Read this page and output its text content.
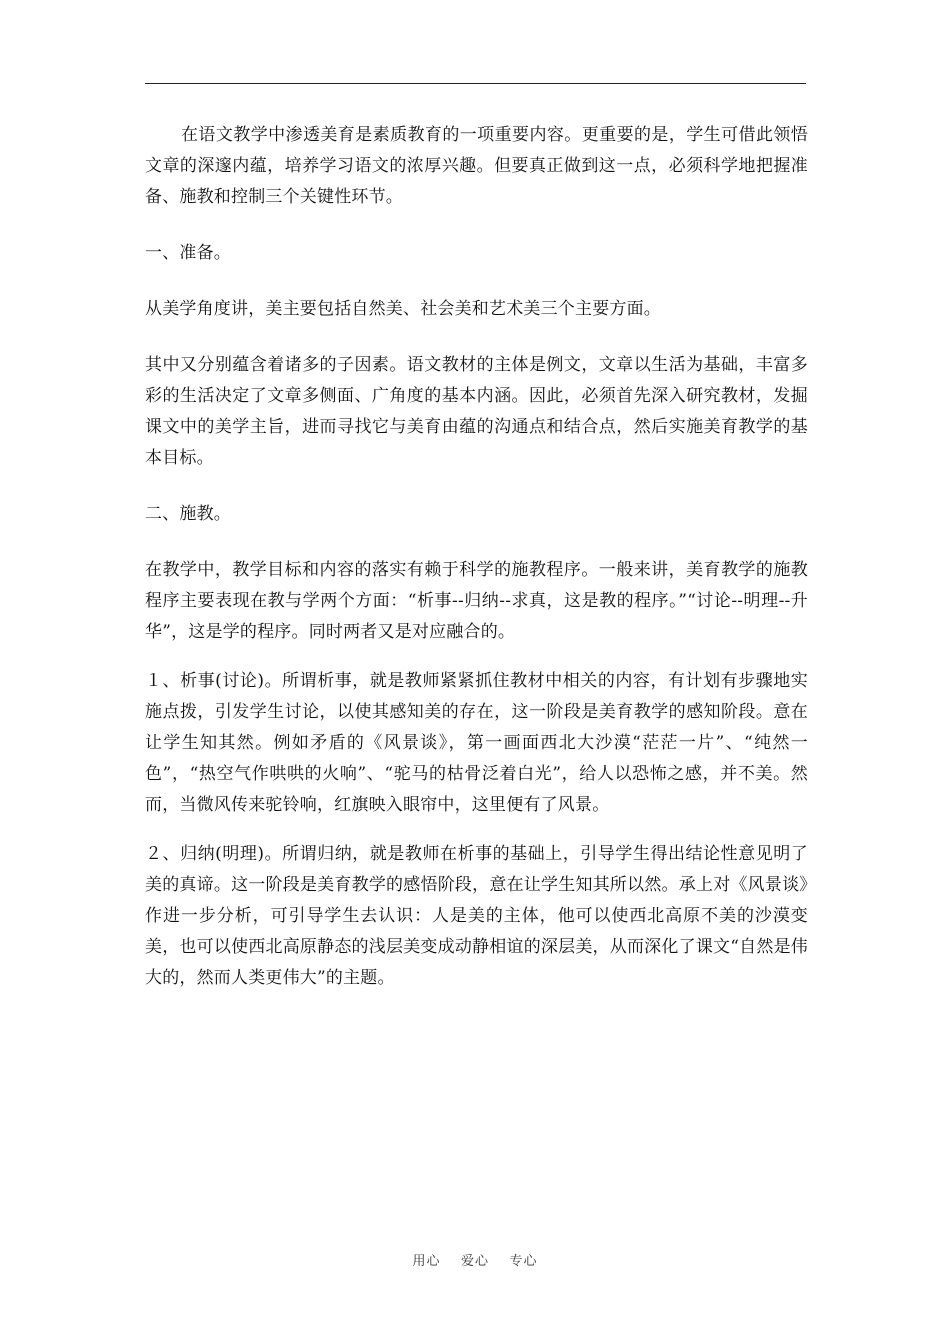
在语文教学中渗透美育是素质教育的一项重要内容。更重要的是，学生可借此领悟文章的深邃内蕴，培养学习语文的浓厚兴趣。但要真正做到这一点，必须科学地把握准备、施教和控制三个关键性环节。

一、准备。

从美学角度讲，美主要包括自然美、社会美和艺术美三个主要方面。

其中又分别蕴含着诸多的子因素。语文教材的主体是例文，文章以生活为基础，丰富多彩的生活决定了文章多侧面、广角度的基本内涵。因此，必须首先深入研究教材，发掘课文中的美学主旨，进而寻找它与美育由蕴的沟通点和结合点，然后实施美育教学的基本目标。

二、施教。

在教学中，教学目标和内容的落实有赖于科学的施教程序。一般来讲，美育教学的施教程序主要表现在教与学两个方面：“析事--归纳--求真，这是教的程序。”“讨论--明理--升华”，这是学的程序。同时两者又是对应融合的。

１、析事(讨论)。所谓析事，就是教师紧紧抓住教材中相关的内容，有计划有步骤地实施点拨，引发学生讨论，以使其感知美的存在，这一阶段是美育教学的感知阶段。意在让学生知其然。例如矛盾的《风景谈》，第一画面西北大沙漠“茫茫一片”、“纯然一色”，“热空气作哄哄的火响”、“驼马的枯骨泛着白光”，给人以恐怖之感，并不美。然而，当微风传来驼铃响，红旗映入眼帘中，这里便有了风景。

２、归纳(明理)。所谓归纳，就是教师在析事的基础上，引导学生得出结论性意见明了美的真谛。这一阶段是美育教学的感悟阶段，意在让学生知其所以然。承上对《风景谈》作进一步分析，可引导学生去认识：人是美的主体，他可以使西北高原不美的沙漠变美，也可以使西北高原静态的浅层美变成动静相谊的深层美，从而深化了课文“自然是伟大的，然而人类更伟大”的主题。

用心    爱心    专心
